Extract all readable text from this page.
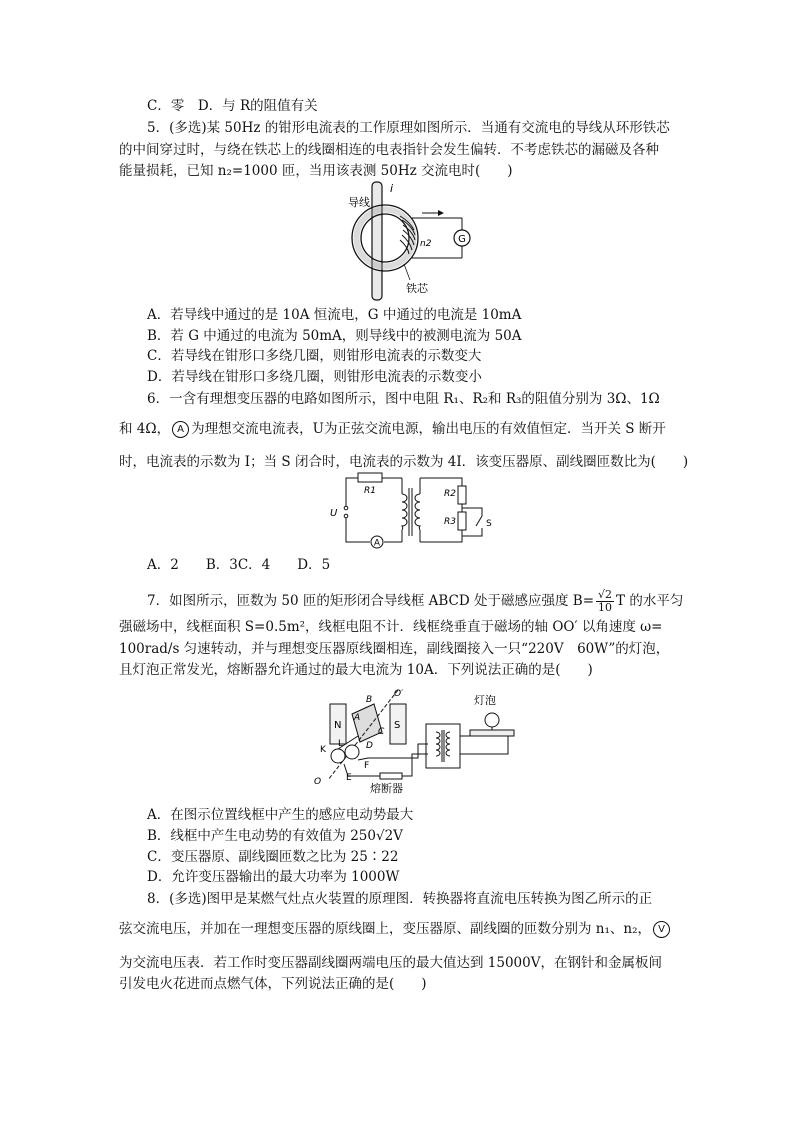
C．零　D．与 R的阻值有关
5．(多选)某 50Hz 的钳形电流表的工作原理如图所示．当通有交流电的导线从环形铁芯
的中间穿过时，与绕在铁芯上的线圈相连的电表指针会发生偏转．不考虑铁芯的漏磁及各种
能量损耗，已知 n₂=1000 匝，当用该表测 50Hz 交流电时(　　)
G
导线
i
n2
铁芯
A．若导线中通过的是 10A 恒流电，G 中通过的电流是 10mA
B．若 G 中通过的电流为 50mA，则导线中的被测电流为 50A
C．若导线在钳形口多绕几圈，则钳形电流表的示数变大
D．若导线在钳形口多绕几圈，则钳形电流表的示数变小
6．一含有理想变压器的电路如图所示，图中电阻 R₁、R₂和 R₃的阻值分别为 3Ω、1Ω
和 4Ω， A 为理想交流电流表，U为正弦交流电源，输出电压的有效值恒定．当开关 S 断开
时，电流表的示数为 I；当 S 闭合时，电流表的示数为 4I．该变压器原、副线圈匝数比为(　　)
A
U
R1	R2
R3	S
A．2　　B．3C．4　　D．5
7．如图所示，匝数为 50 匝的矩形闭合导线框 ABCD 处于磁感应强度 $B= \frac{√2}{10}$ T 的水平匀
强磁场中，线框面积 S=0.5m²，线框电阻不计．线框绕垂直于磁场的轴 OO′ 以角速度 ω=
100rad/s 匀速转动，并与理想变压器原线圈相连，副线圈接入一只“220V　60W”的灯泡，
且灯泡正常发光，熔断器允许通过的最大电流为 10A．下列说法正确的是(　　)
N	S
A
B
C
D
O′
O
K
L
E
F
灯泡
熔断器
A．在图示位置线框中产生的感应电动势最大
B．线框中产生电动势的有效值为 250√2V
C．变压器原、副线圈匝数之比为 25∶22
D．允许变压器输出的最大功率为 1000W
8．(多选)图甲是某燃气灶点火装置的原理图．转换器将直流电压转换为图乙所示的正
弦交流电压，并加在一理想变压器的原线圈上，变压器原、副线圈的匝数分别为 n₁、n₂， V
为交流电压表．若工作时变压器副线圈两端电压的最大值达到 15000V，在钢针和金属板间
引发电火花进而点燃气体，下列说法正确的是(　　)
